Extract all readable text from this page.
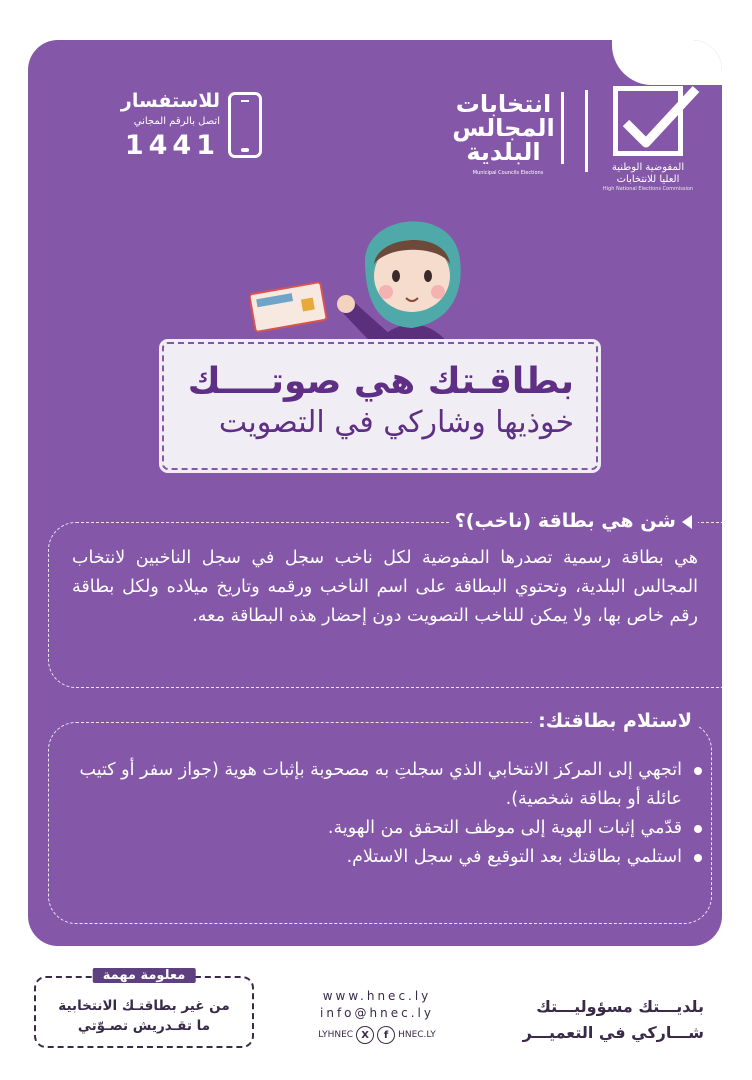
المفوضية الوطنية
العليا للانتخابات
High National Elections Commission
انتخابات المجالس البلدية
Municipal Councils Elections
للاستفسار
اتصل بالرقم المجاني
1441
بطاقـتك هي صوتــــك
خوذيها وشاركي في التصويت
شن هي بطاقة (ناخب)؟
هي بطاقة رسمية تصدرها المفوضية لكل ناخب سجل في سجل الناخبين لانتخاب المجالس البلدية، وتحتوي البطاقة على اسم الناخب ورقمه وتاريخ ميلاده ولكل بطاقة رقم خاص بها، ولا يمكن للناخب التصويت دون إحضار هذه البطاقة معه.
لاستلام بطاقتك:
اتجهي إلى المركز الانتخابي الذي سجلتِ به مصحوبة بإثبات هوية (جواز سفر أو كتيب عائلة أو بطاقة شخصية).
قدّمي إثبات الهوية إلى موظف التحقق من الهوية.
استلمي بطاقتك بعد التوقيع في سجل الاستلام.
بلديـــتك مسؤوليـــتك
شـــاركي في التعميـــر
www.hnec.ly
info@hnec.ly
LYHNEC X	f	HNEC.LY
معلومة مهمة
من غير بطاقتـك الانتخابية
ما تقـدريش تصـوّتي
